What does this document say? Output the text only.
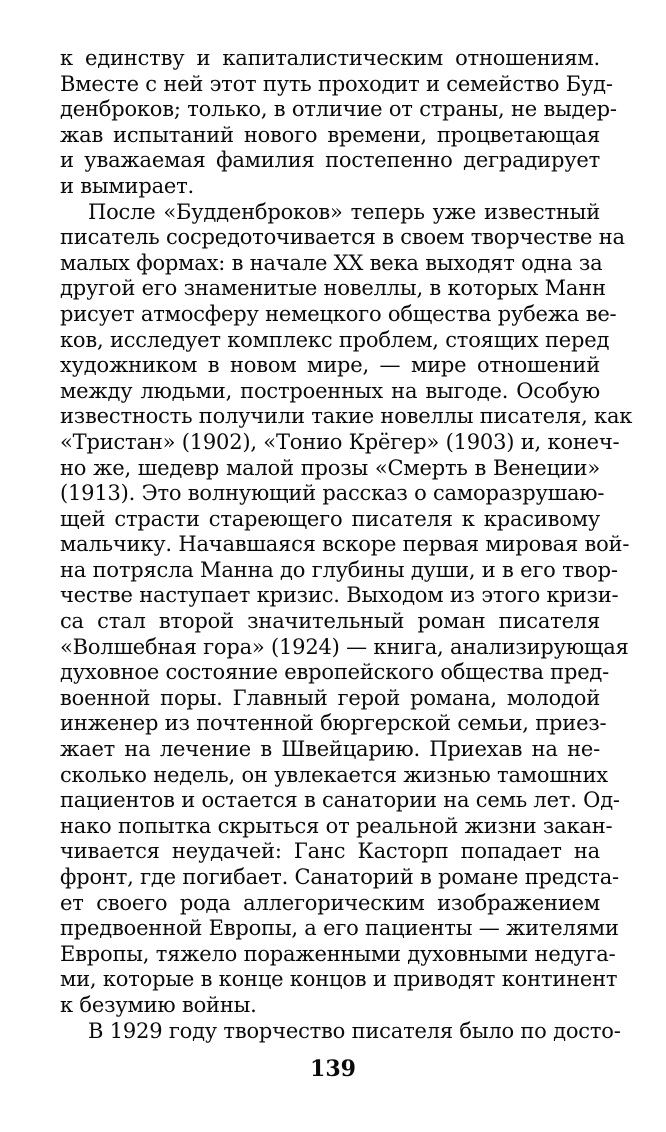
к единству и капиталистическим отношениям.
Вместе с ней этот путь проходит и семейство Буд-
денброков; только, в отличие от страны, не выдер-
жав испытаний нового времени, процветающая
и уважаемая фамилия постепенно деградирует
и вымирает.
После «Будденброков» теперь уже известный
писатель сосредоточивается в своем творчестве на
малых формах: в начале XX века выходят одна за
другой его знаменитые новеллы, в которых Манн
рисует атмосферу немецкого общества рубежа ве-
ков, исследует комплекс проблем, стоящих перед
художником в новом мире, — мире отношений
между людьми, построенных на выгоде. Особую
известность получили такие новеллы писателя, как
«Тристан» (1902), «Тонио Крёгер» (1903) и, конеч-
но же, шедевр малой прозы «Смерть в Венеции»
(1913). Это волнующий рассказ о саморазрушаю-
щей страсти стареющего писателя к красивому
мальчику. Начавшаяся вскоре первая мировая вой-
на потрясла Манна до глубины души, и в его твор-
честве наступает кризис. Выходом из этого кризи-
са стал второй значительный роман писателя
«Волшебная гора» (1924) — книга, анализирующая
духовное состояние европейского общества пред-
военной поры. Главный герой романа, молодой
инженер из почтенной бюргерской семьи, приез-
жает на лечение в Швейцарию. Приехав на не-
сколько недель, он увлекается жизнью тамошних
пациентов и остается в санатории на семь лет. Од-
нако попытка скрыться от реальной жизни закан-
чивается неудачей: Ганс Касторп попадает на
фронт, где погибает. Санаторий в романе предста-
ет своего рода аллегорическим изображением
предвоенной Европы, а его пациенты — жителями
Европы, тяжело пораженными духовными недуга-
ми, которые в конце концов и приводят континент
к безумию войны.
В 1929 году творчество писателя было по досто-
139
